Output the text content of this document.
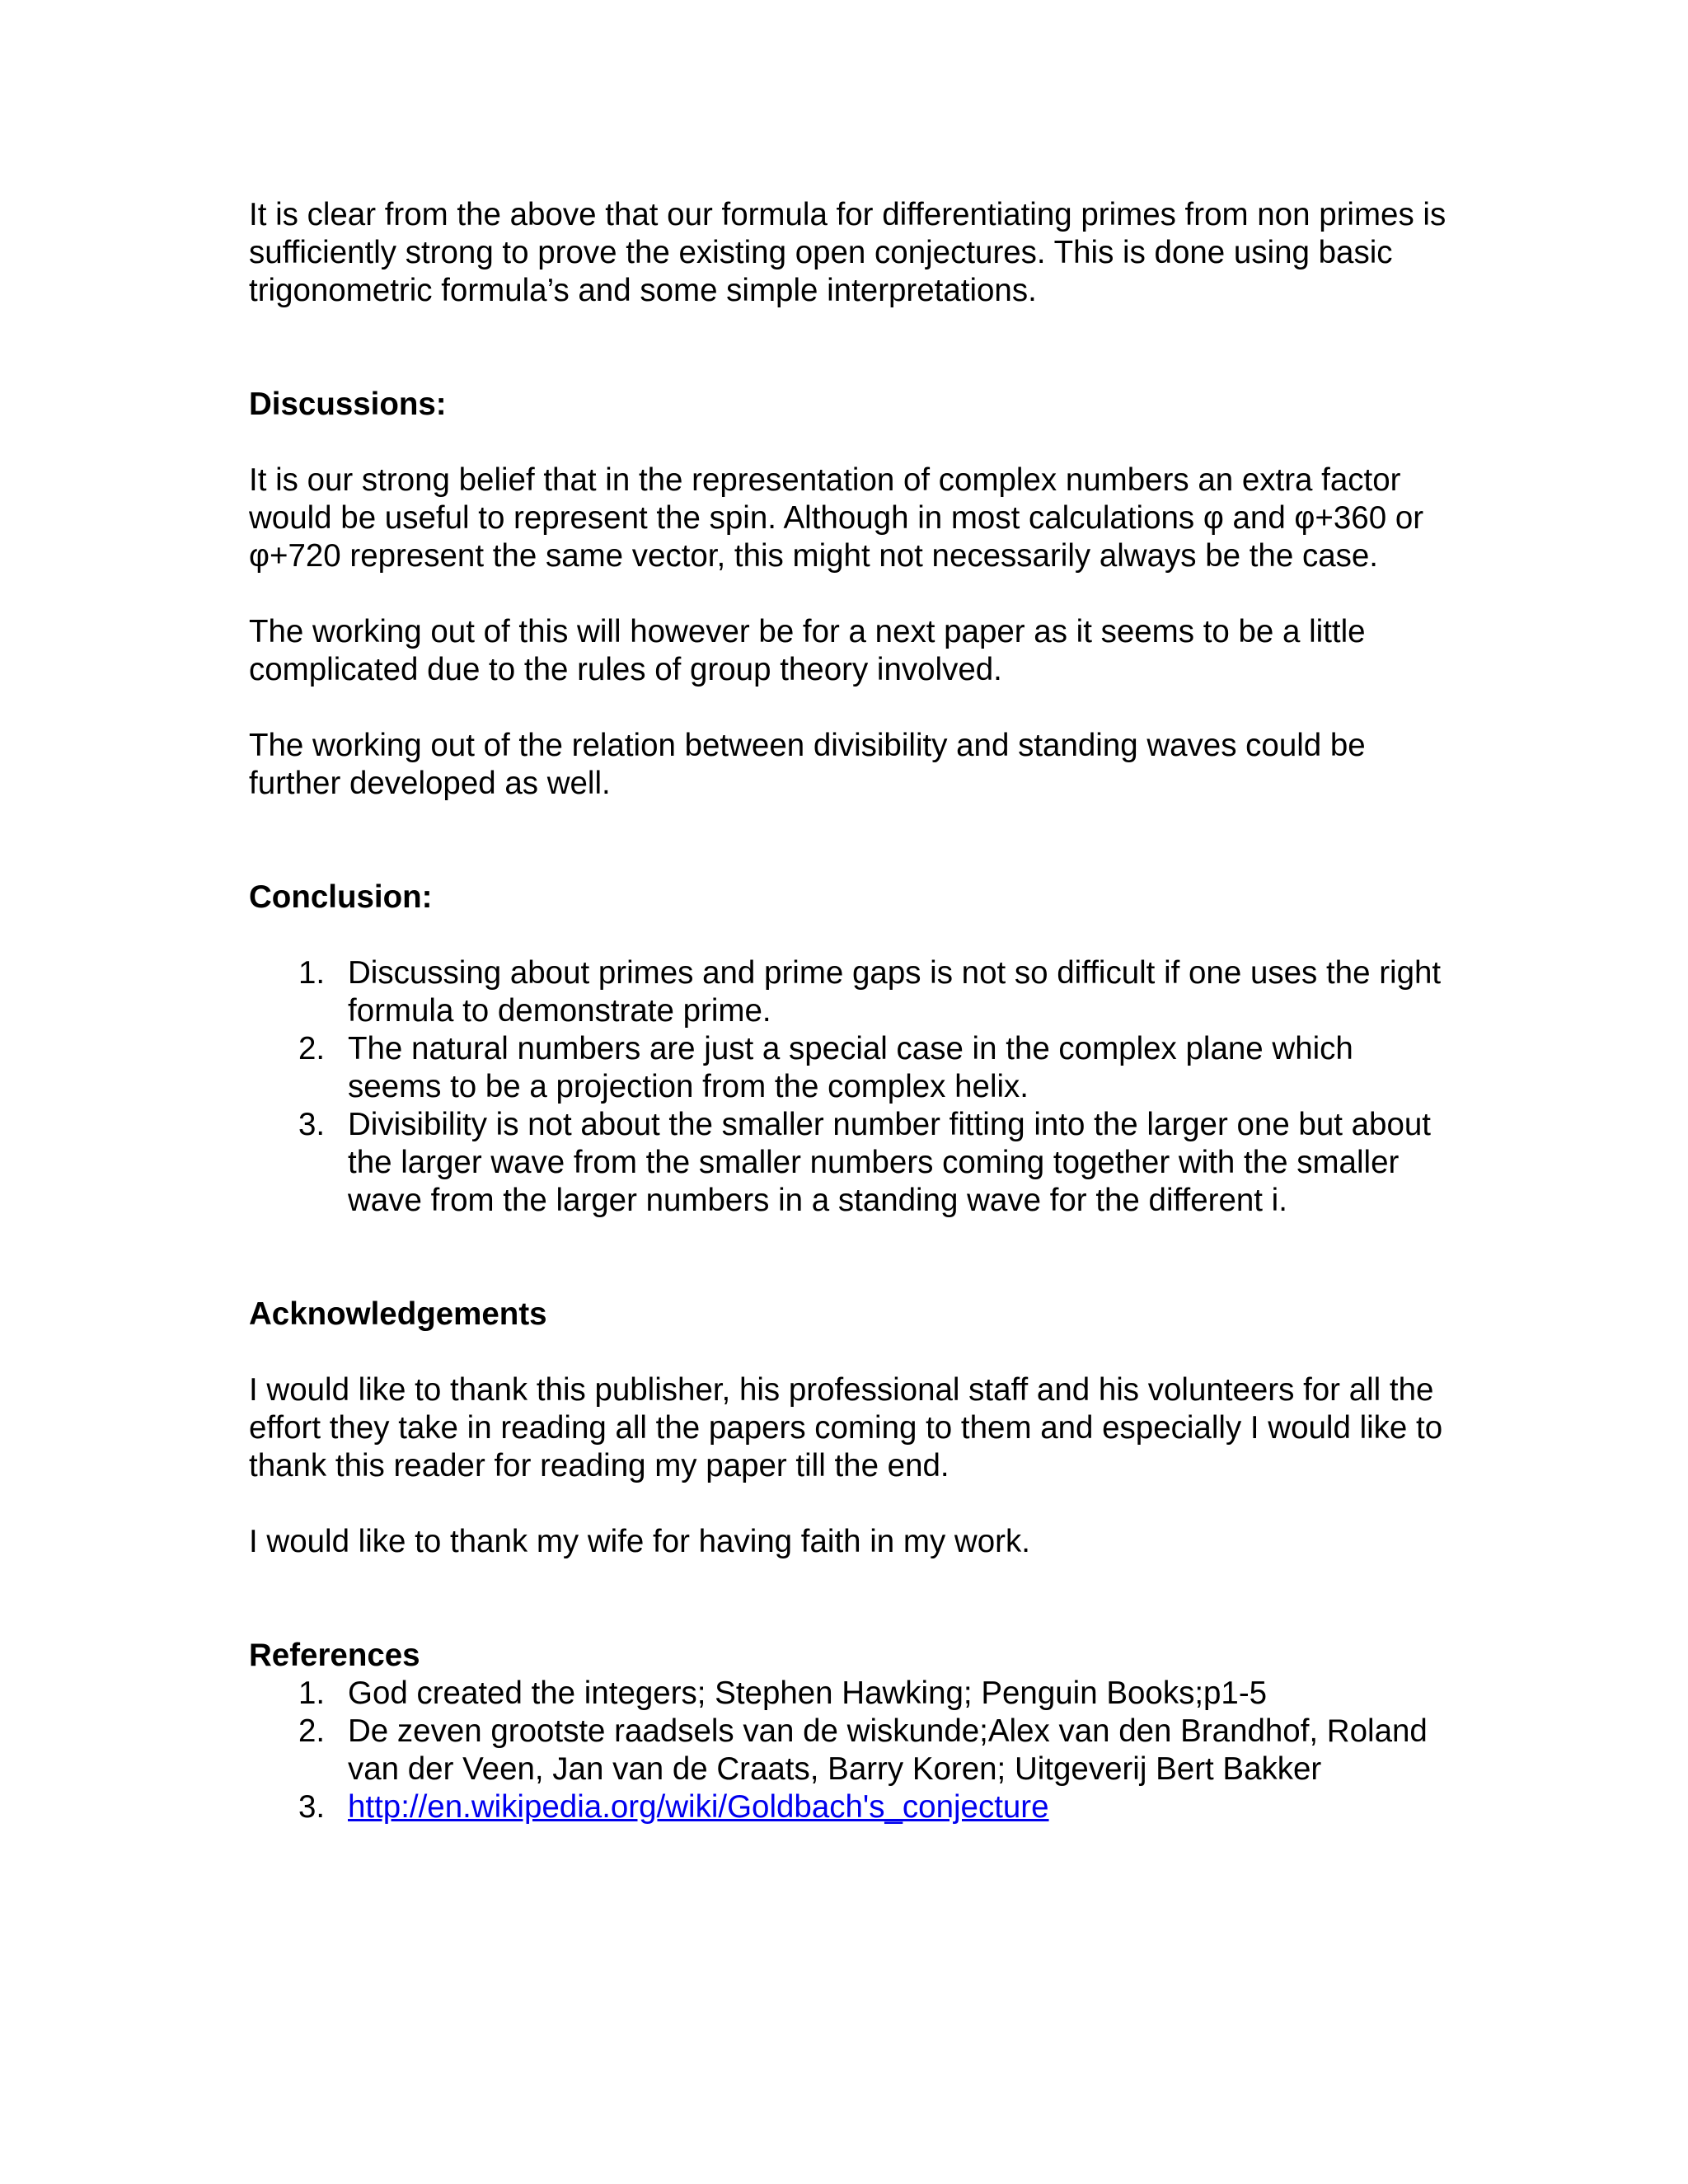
It is clear from the above that our formula for differentiating primes from non primes is sufficiently strong to prove the existing open conjectures. This is done using basic trigonometric formula’s and some simple interpretations.

Discussions:

It is our strong belief that in the representation of complex numbers an extra factor would be useful to represent the spin. Although in most calculations φ and φ+360 or φ+720 represent the same vector, this might not necessarily always be the case.

The working out of this will however be for a next paper as it seems to be a little complicated due to the rules of group theory involved.

The working out of the relation between divisibility and standing waves could be further developed as well.

Conclusion:
1. Discussing about primes and prime gaps is not so difficult if one uses the right formula to demonstrate prime.
2. The natural numbers are just a special case in the complex plane which seems to be a projection from the complex helix.
3. Divisibility is not about the smaller number fitting into the larger one but about the larger wave from the smaller numbers coming together with the smaller wave from the larger numbers in a standing wave for the different i.
Acknowledgements

I would like to thank this publisher, his professional staff and his volunteers for all the effort they take in reading all the papers coming to them and especially I would like to thank this reader for reading my paper till the end.

I would like to thank my wife for having faith in my work.

References
1. God created the integers; Stephen Hawking; Penguin Books;p1-5
2. De zeven grootste raadsels van de wiskunde;Alex van den Brandhof, Roland van der Veen, Jan van de Craats, Barry Koren; Uitgeverij Bert Bakker
3. http://en.wikipedia.org/wiki/Goldbach's_conjecture
